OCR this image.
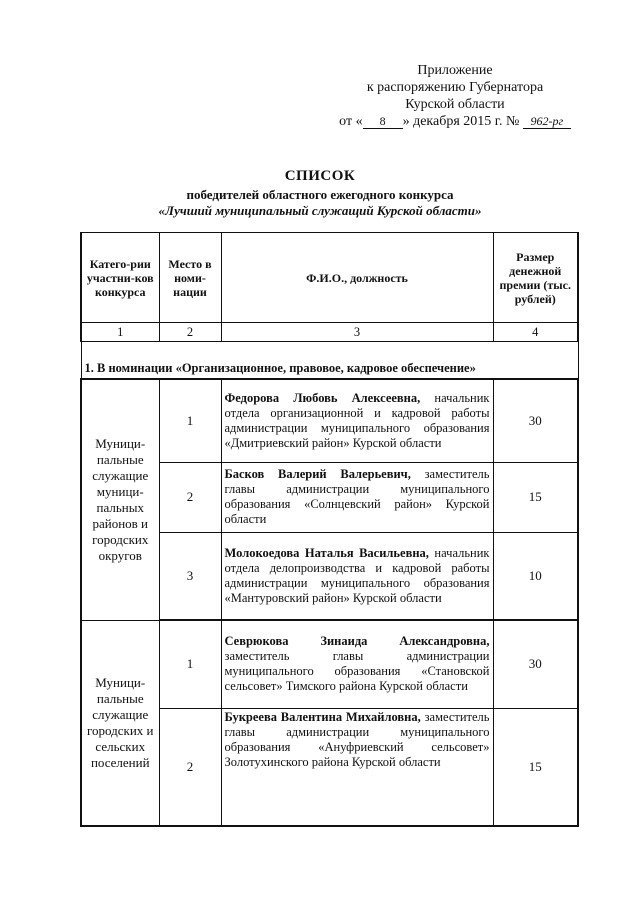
Приложение
к распоряжению Губернатора
Курской области
от « 8 » декабря 2015 г. № 962-рг
СПИСОК
победителей областного ежегодного конкурса
«Лучший муниципальный служащий Курской области»
Катего-рии участни-ков конкурса	Место в номи-нации	Ф.И.О., должность	Размер денежной премии (тыс. рублей)
1	2	3	4

1. В номинации «Организационное, правовое, кадровое обеспечение»			
Муници-пальные служащие муници-пальных районов и городских округов	1	Федорова Любовь Алексеевна, начальник отдела организационной и кадровой работы администрации муниципального образования «Дмитриевский район» Курской области	30
	2	Басков Валерий Валерьевич, заместитель главы администрации муниципального образования «Солнцевский район» Курской области	15
	3	Молокоедова Наталья Васильевна, начальник отдела делопроизводства и кадровой работы администрации муниципального образования «Мантуровский район» Курской области	10
Муници-пальные служащие городских и сельских поселений	1	Севрюкова Зинаида Александровна, заместитель главы администрации муниципального образования «Становской сельсовет» Тимского района Курской области	30
	2	Букреева Валентина Михайловна, заместитель главы администрации муниципального образования «Ануфриевский сельсовет» Золотухинского района Курской области	15
